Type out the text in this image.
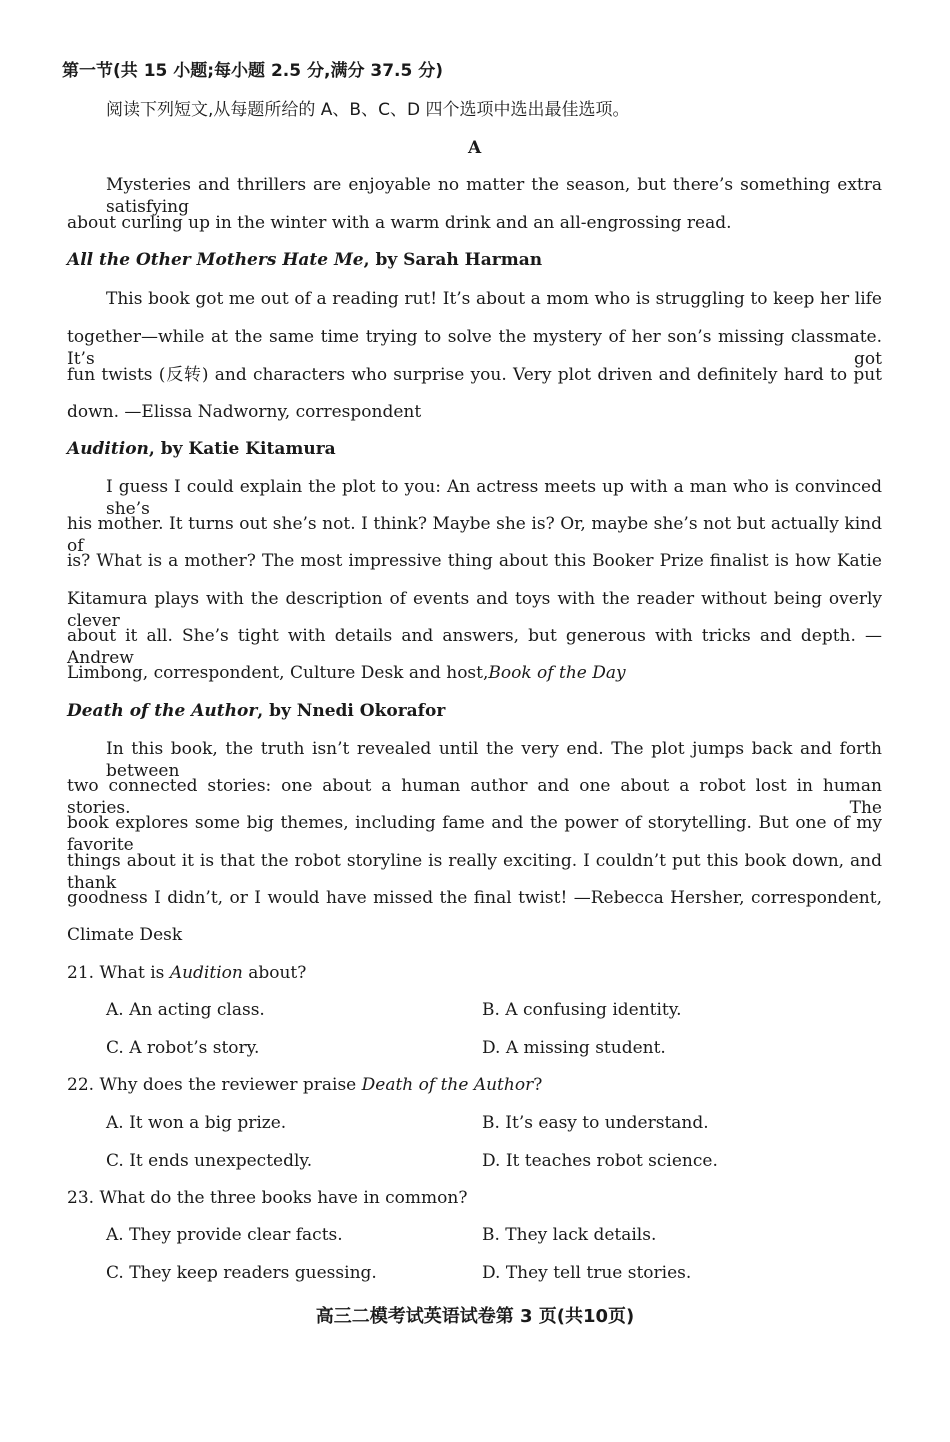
第一节(共 15 小题;每小题 2.5 分,满分 37.5 分)
阅读下列短文,从每题所给的 A、B、C、D 四个选项中选出最佳选项。
A
Mysteries and thrillers are enjoyable no matter the season, but there’s something extra satisfying
about curling up in the winter with a warm drink and an all-engrossing read.
All the Other Mothers Hate Me, by Sarah Harman
This book got me out of a reading rut! It’s about a mom who is struggling to keep her life
together—while at the same time trying to solve the mystery of her son’s missing classmate. It’s got
fun twists (反转) and characters who surprise you. Very plot driven and definitely hard to put
down. —Elissa Nadworny, correspondent
Audition, by Katie Kitamura
I guess I could explain the plot to you: An actress meets up with a man who is convinced she’s
his mother. It turns out she’s not. I think? Maybe she is? Or, maybe she’s not but actually kind of
is? What is a mother? The most impressive thing about this Booker Prize finalist is how Katie
Kitamura plays with the description of events and toys with the reader without being overly clever
about it all. She’s tight with details and answers, but generous with tricks and depth. —Andrew
Limbong, correspondent, Culture Desk and host,Book of the Day
Death of the Author, by Nnedi Okorafor
In this book, the truth isn’t revealed until the very end. The plot jumps back and forth between
two connected stories: one about a human author and one about a robot lost in human stories. The
book explores some big themes, including fame and the power of storytelling. But one of my favorite
things about it is that the robot storyline is really exciting. I couldn’t put this book down, and thank
goodness I didn’t, or I would have missed the final twist! —Rebecca Hersher, correspondent,
Climate Desk
21. What is Audition about?
A. An acting class.	B. A confusing identity.
C. A robot’s story.	D. A missing student.
22. Why does the reviewer praise Death of the Author?
A. It won a big prize.	B. It’s easy to understand.
C. It ends unexpectedly.	D. It teaches robot science.
23. What do the three books have in common?
A. They provide clear facts.	B. They lack details.
C. They keep readers guessing.	D. They tell true stories.
高三二模考试英语试卷第 3 页(共10页)
